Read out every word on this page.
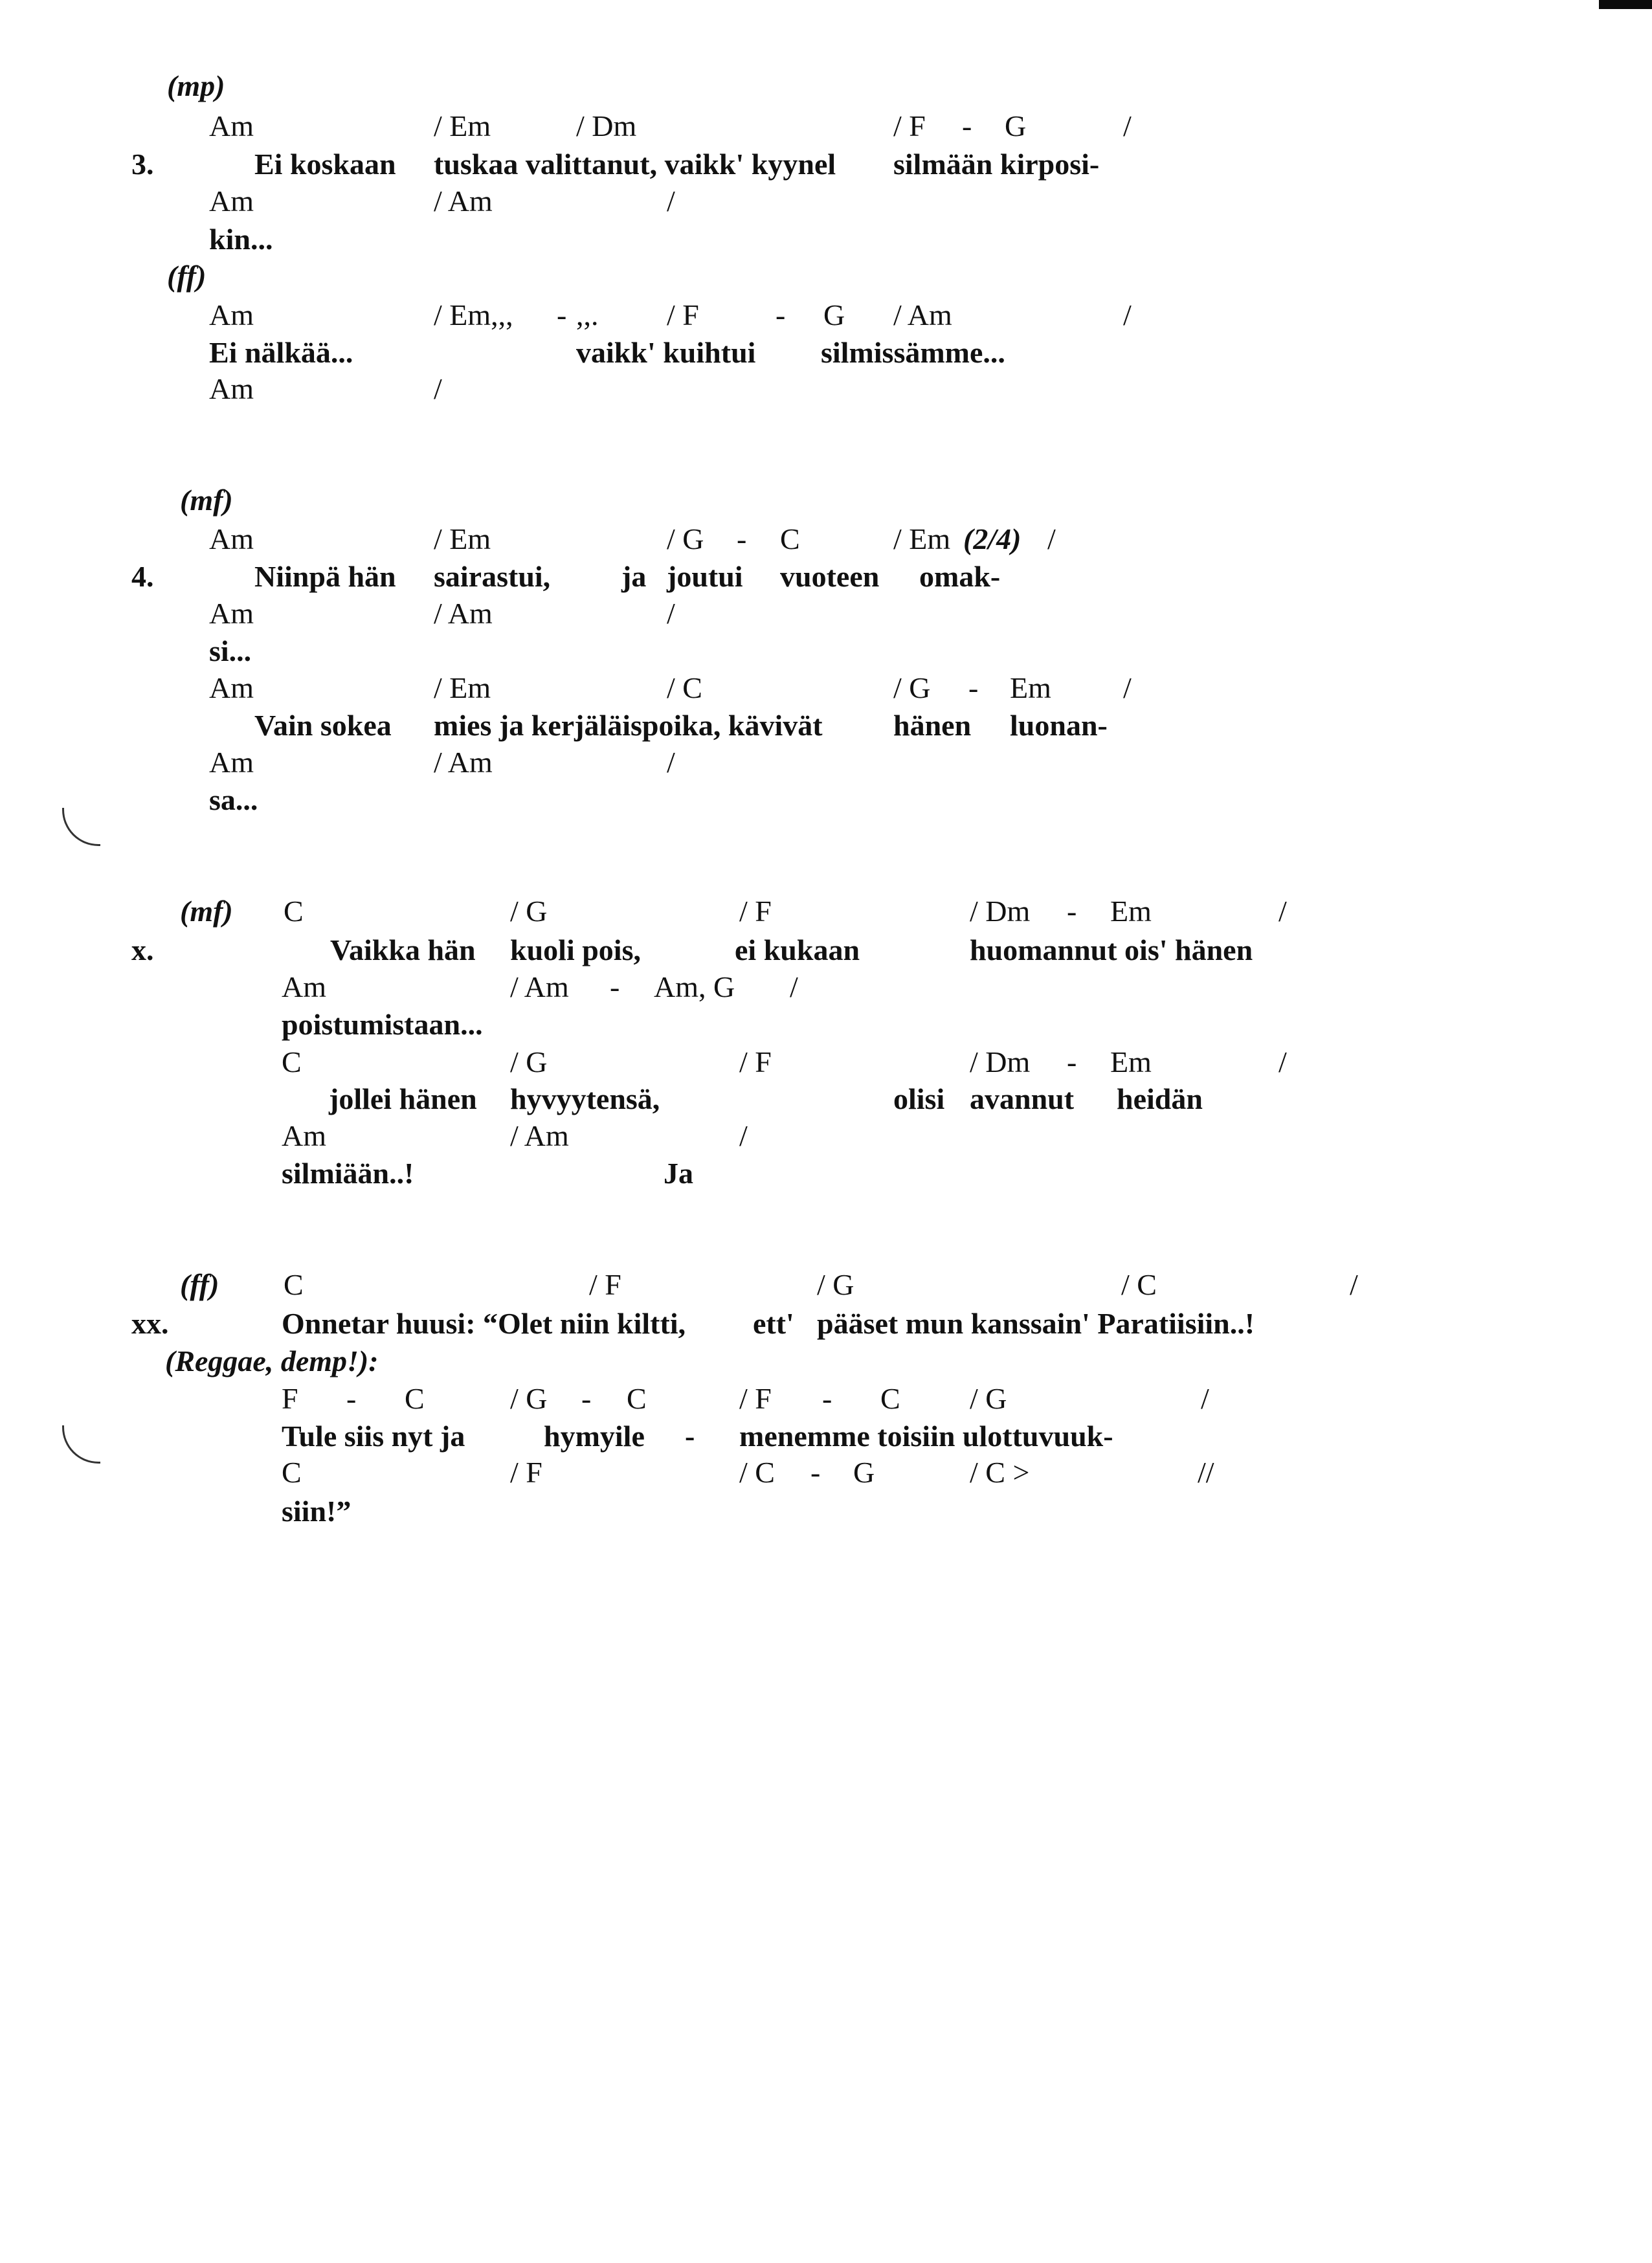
(mp)
Am	/ Em	/ Dm	/ F - G	/
3.	Ei koskaan tuskaa valittanut, vaikk' kyynel silmään kirposi-
Am	/ Am	/
kin...
(ff)
Am	/ Em,,, - ,,. / F	- G / Am	/
Ei nälkää...	vaikk' kuihtui silmissämme...
Am	/
(mf)
Am	/ Em	/ G - C	/ Em (2/4) /
4.	Niinpä hän sairastui, ja joutui vuoteen omak-
Am	/ Am	/
si...
Am	/ Em	/ C	/ G - Em /
Vain sokea mies ja kerjäläispoika, kävivät hänen luonan-
Am	/ Am	/
sa...
(mf) C	/ G	/ F	/ Dm - Em	/
x.	Vaikka hän kuoli pois,	ei kukaan	huomannut ois' hänen
Am	/ Am - Am, G /
poistumistaan...
C	/ G	/ F	/ Dm - Em	/
jollei hänen hyvyytensä,	olisi avannut heidän
Am	/ Am	/
silmiään..!	Ja
(ff) C	/ F	/ G	/ C	/
xx.	Onnetar huusi: “Olet niin kiltti, ett' pääset mun kanssain' Paratiisiin..!
(Reggae, demp!):
F - C	/ G - C	/ F - C / G	/
Tule siis nyt ja	hymyile - menemme toisiin ulottuvuuk-
C	/ F	/ C - G	/ C >	//
siin!”
